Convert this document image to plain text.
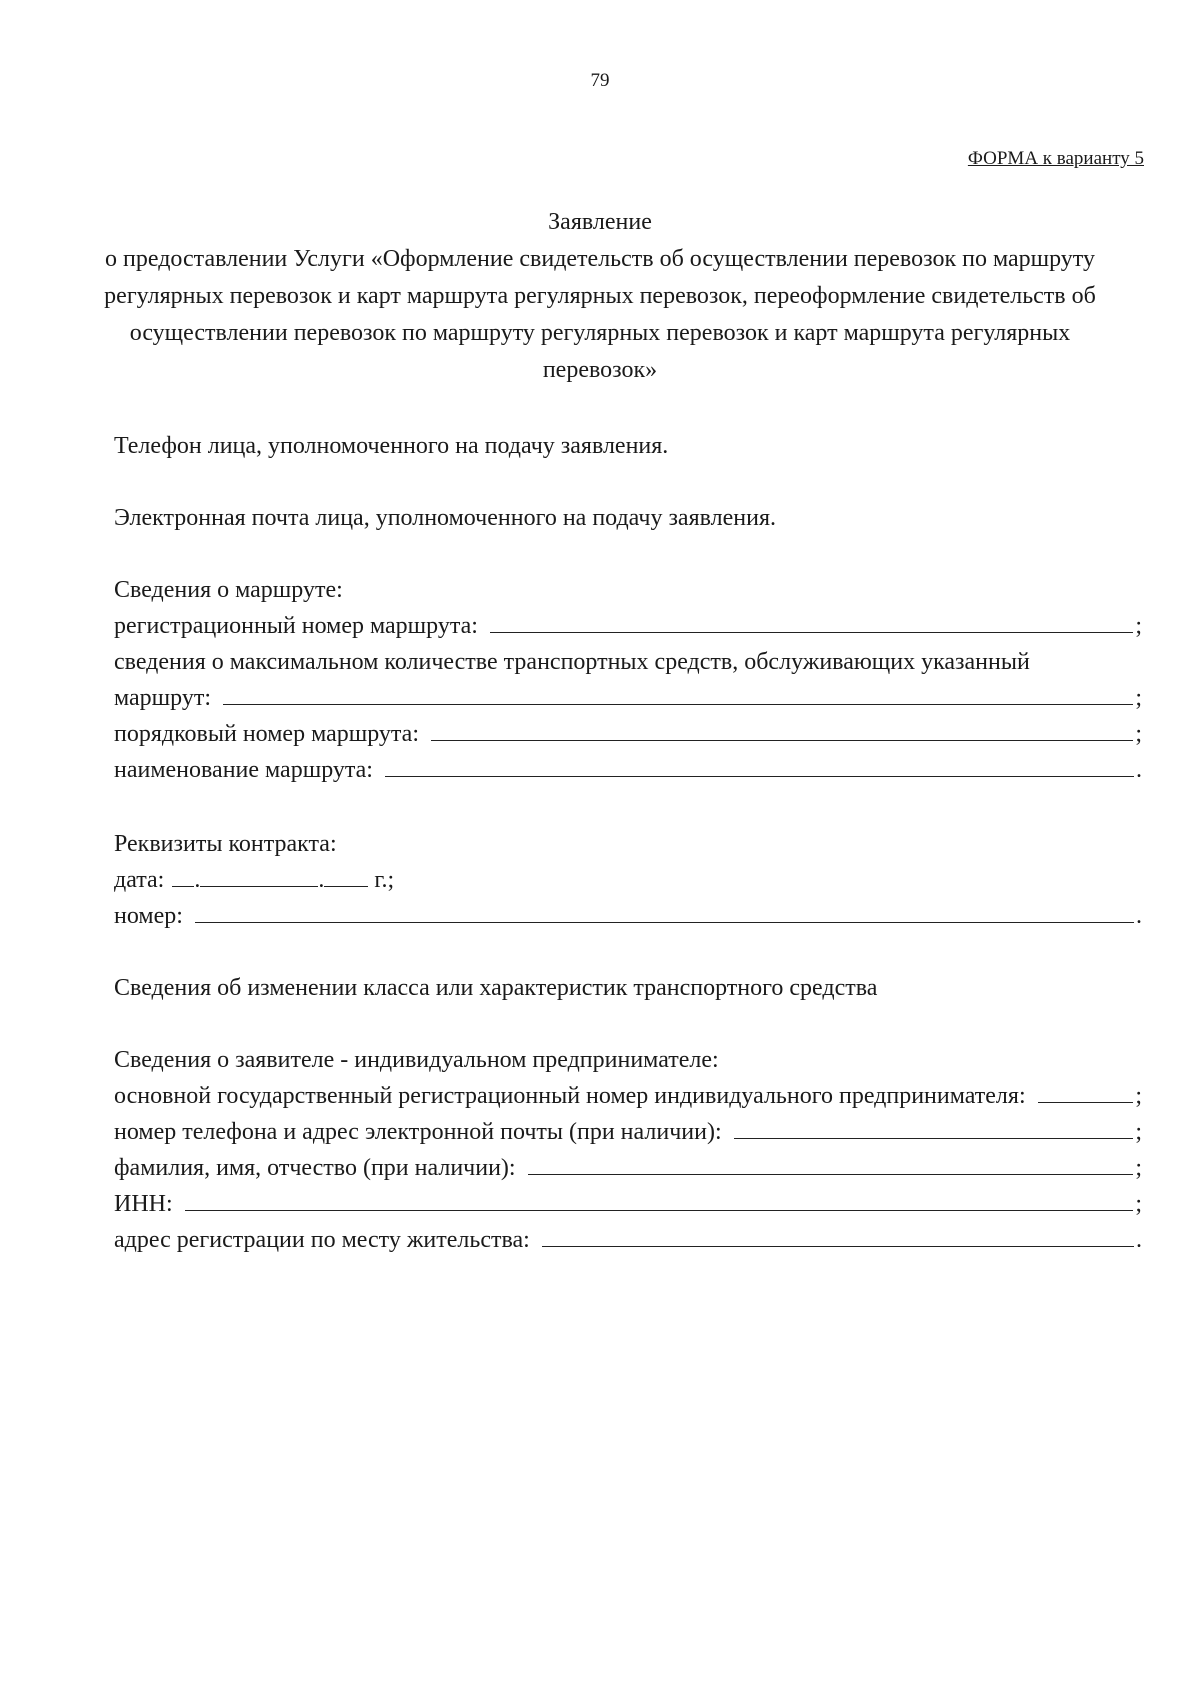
79
ФОРМА к варианту 5
Заявление
о предоставлении Услуги «Оформление свидетельств об осуществлении перевозок по маршруту
регулярных перевозок и карт маршрута регулярных перевозок, переоформление свидетельств об
осуществлении перевозок по маршруту регулярных перевозок и карт маршрута регулярных
перевозок»
Телефон лица, уполномоченного на подачу заявления.
Электронная почта лица, уполномоченного на подачу заявления.
Сведения о маршруте:
регистрационный номер маршрута:	;
сведения о максимальном количестве транспортных средств, обслуживающих указанный
маршрут:	;
порядковый номер маршрута:	;
наименование маршрута:	.
Реквизиты контракта:
дата: .	. г.;
номер:	.
Сведения об изменении класса или характеристик транспортного средства
Сведения о заявителе - индивидуальном предпринимателе:
основной государственный регистрационный номер индивидуального предпринимателя:	;
номер телефона и адрес электронной почты (при наличии):	;
фамилия, имя, отчество (при наличии):	;
ИНН:	;
адрес регистрации по месту жительства:	.
